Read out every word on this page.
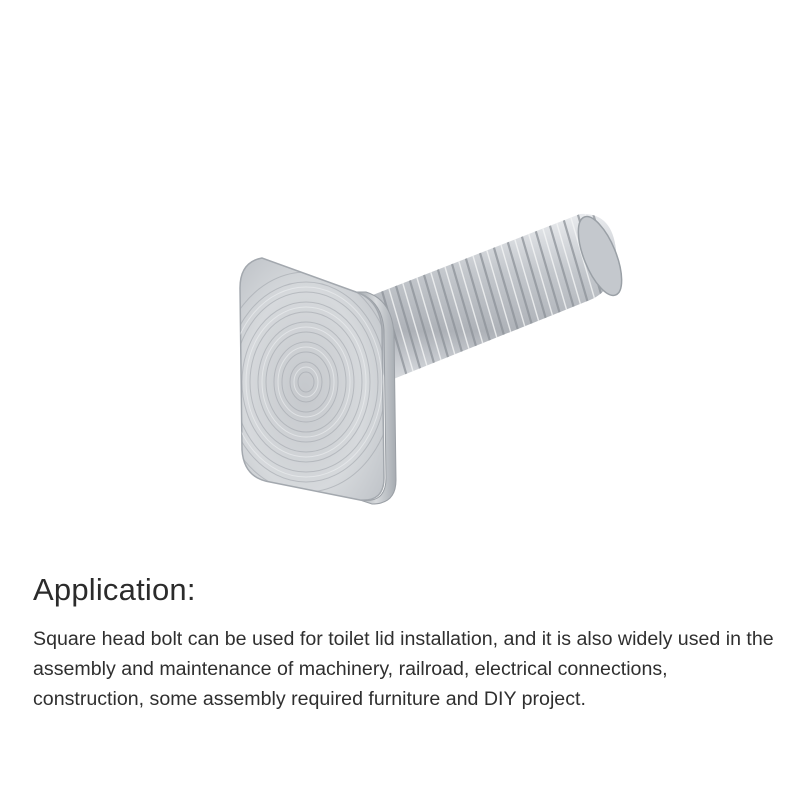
Application:

Square head bolt can be used for toilet lid installation, and it is also widely used in the assembly and maintenance of machinery, railroad, electrical connections, construction, some assembly required furniture and DIY project.
